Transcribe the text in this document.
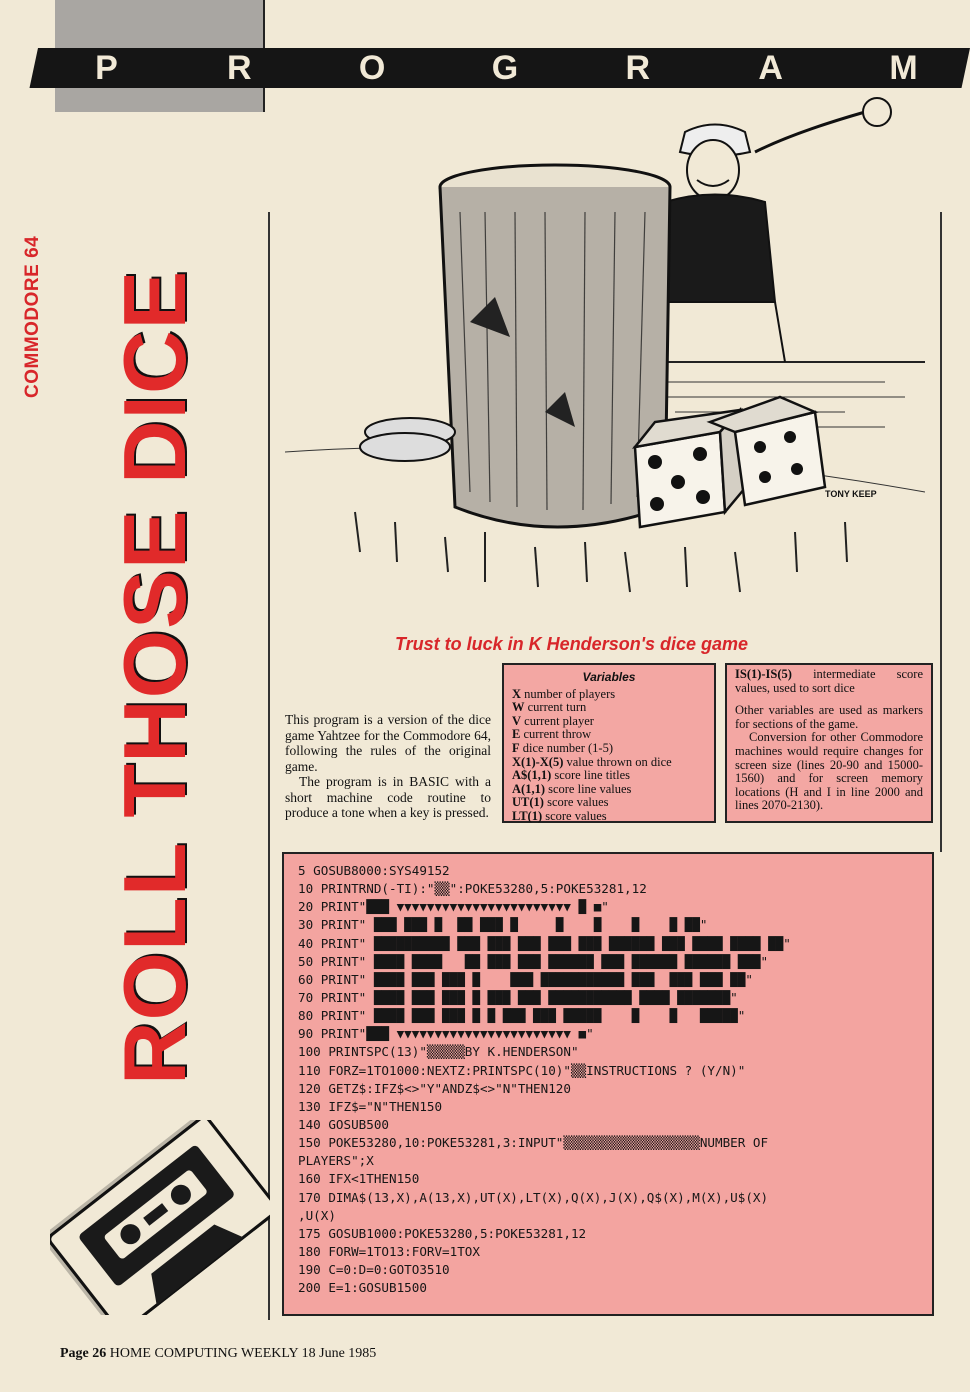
P	R	O	G	R	A	M
COMMODORE 64 ROLL THOSE DICE	TONY KEEP
Trust to luck in K Henderson's dice game

This program is a version of the dice game Yahtzee for the Commodore 64, following the rules of the original game.

The program is in BASIC with a short machine code routine to produce a tone when a key is pressed.

Variables
X number of players
W current turn
V current player
E current throw
F dice number (1-5)
X(1)-X(5) value thrown on dice
A$(1,1) score line titles
A(1,1) score line values
UT(1) score values
LT(1) score values

IS(1)-IS(5) intermediate score values, used to sort dice

Other variables are used as markers for sections of the game.

Conversion for other Commodore machines would require changes for screen size (lines 20-90 and 15000-1560) and for screen memory locations (H and I in line 2000 and lines 2070-2130).

5 GOSUB8000:SYS49152
10 PRINTRND(-TI):"▒▒":POKE53280,5:POKE53281,12
20 PRINT"███ ▼▼▼▼▼▼▼▼▼▼▼▼▼▼▼▼▼▼▼▼▼▼▼ █ ■"
30 PRINT" ███ ███ █  ██ ███ █     █    █    █    █ ██"
40 PRINT" ██████████ ███ ███ ███ ███ ███ ██████ ███ ████ ████ ██"
50 PRINT" ████ ████   ██ ███ ███ ██████ ███ ██████ ██████ ███"
60 PRINT" ████ ███ ███ █    ███ ███████████ ███  ███ ███ ██"
70 PRINT" ████ ███ ███ █ ███ ███ ███████████ ████ ███████"
80 PRINT" ████ ███ ███ █ █ ███ ███ █████    █    █   █████"
90 PRINT"███ ▼▼▼▼▼▼▼▼▼▼▼▼▼▼▼▼▼▼▼▼▼▼▼ ■"
100 PRINTSPC(13)"▒▒▒▒▒BY K.HENDERSON"
110 FORZ=1TO1000:NEXTZ:PRINTSPC(10)"▒▒INSTRUCTIONS ? (Y/N)"
120 GETZ$:IFZ$<>"Y"ANDZ$<>"N"THEN120
130 IFZ$="N"THEN150
140 GOSUB500
150 POKE53280,10:POKE53281,3:INPUT"▒▒▒▒▒▒▒▒▒▒▒▒▒▒▒▒▒▒NUMBER OF
PLAYERS";X
160 IFX<1THEN150
170 DIMA$(13,X),A(13,X),UT(X),LT(X),Q(X),J(X),Q$(X),M(X),U$(X)
,U(X)
175 GOSUB1000:POKE53280,5:POKE53281,12
180 FORW=1TO13:FORV=1TOX
190 C=0:D=0:GOTO3510
200 E=1:GOSUB1500
Page 26 HOME COMPUTING WEEKLY 18 June 1985
